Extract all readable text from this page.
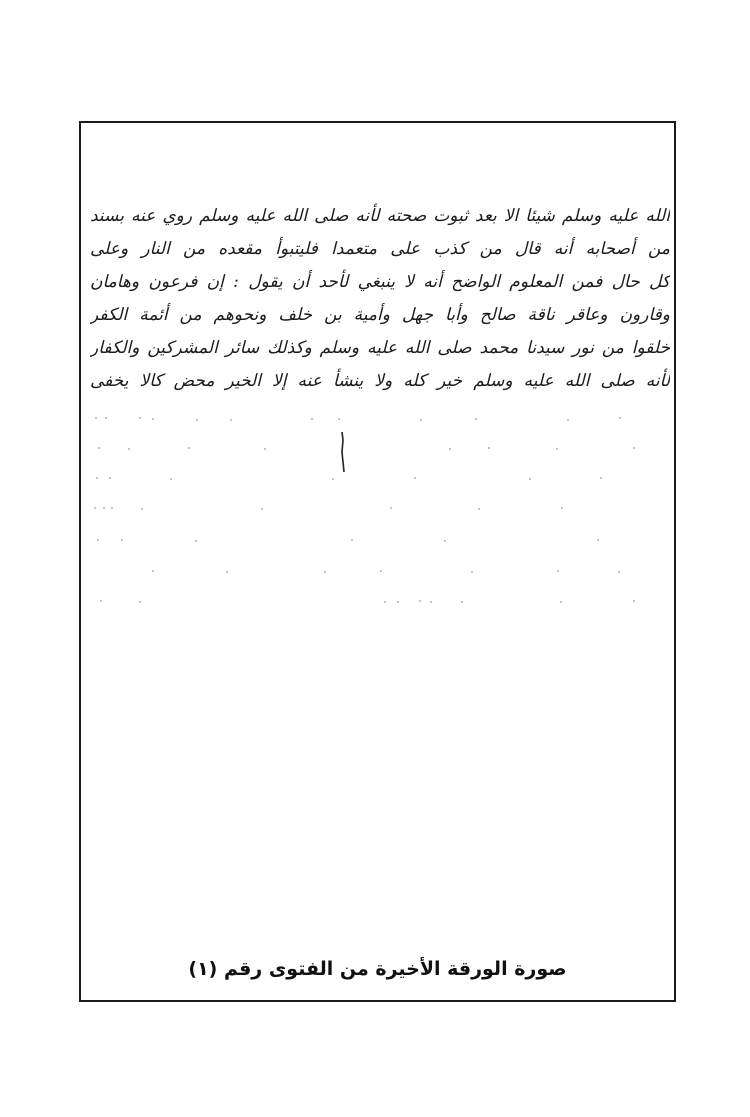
الله عليه وسلم شيئا الا بعد ثبوت صحته لأنه صلى الله عليه وسلم روي عنه بسند
من أصحابه أنه قال من كذب على متعمدا فليتبوأ مقعده من النار وعلى
كل حال فمن المعلوم الواضح أنه لا ينبغي لأحد أن يقول : إن فرعون وهامان
وقارون وعاقر ناقة صالح وأبا جهل وأمية بن خلف ونحوهم من أئمة الكفر
خلقوا من نور سيدنا محمد صلى الله عليه وسلم وكذلك سائر المشركين والكفار
لأنه صلى الله عليه وسلم خير كله ولا ينشأ عنه إلا الخير محض كالا يخفى
صورة الورقة الأخيرة من الفتوى رقم (١)
